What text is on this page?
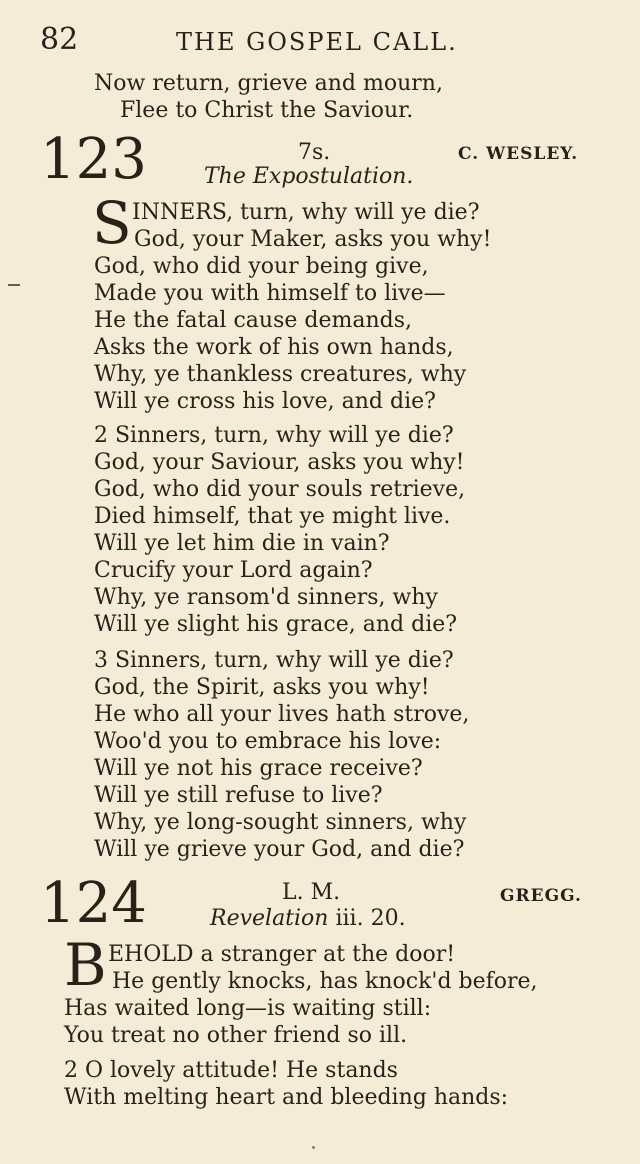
82	THE GOSPEL CALL.
Now return, grieve and mourn,
Flee to Christ the Saviour.
123	7s.	C. WESLEY.
The Expostulation.
S INNERS, turn, why will ye die?
God, your Maker, asks you why!
God, who did your being give,
Made you with himself to live—
He the fatal cause demands,
Asks the work of his own hands,
Why, ye thankless creatures, why
Will ye cross his love, and die?
2 Sinners, turn, why will ye die?
God, your Saviour, asks you why!
God, who did your souls retrieve,
Died himself, that ye might live.
Will ye let him die in vain?
Crucify your Lord again?
Why, ye ransom'd sinners, why
Will ye slight his grace, and die?
3 Sinners, turn, why will ye die?
God, the Spirit, asks you why!
He who all your lives hath strove,
Woo'd you to embrace his love:
Will ye not his grace receive?
Will ye still refuse to live?
Why, ye long-sought sinners, why
Will ye grieve your God, and die?
124	L. M.	GREGG.
Revelation iii. 20.
B EHOLD a stranger at the door!
He gently knocks, has knock'd before,
Has waited long—is waiting still:
You treat no other friend so ill.
2 O lovely attitude! He stands
With melting heart and bleeding hands:
